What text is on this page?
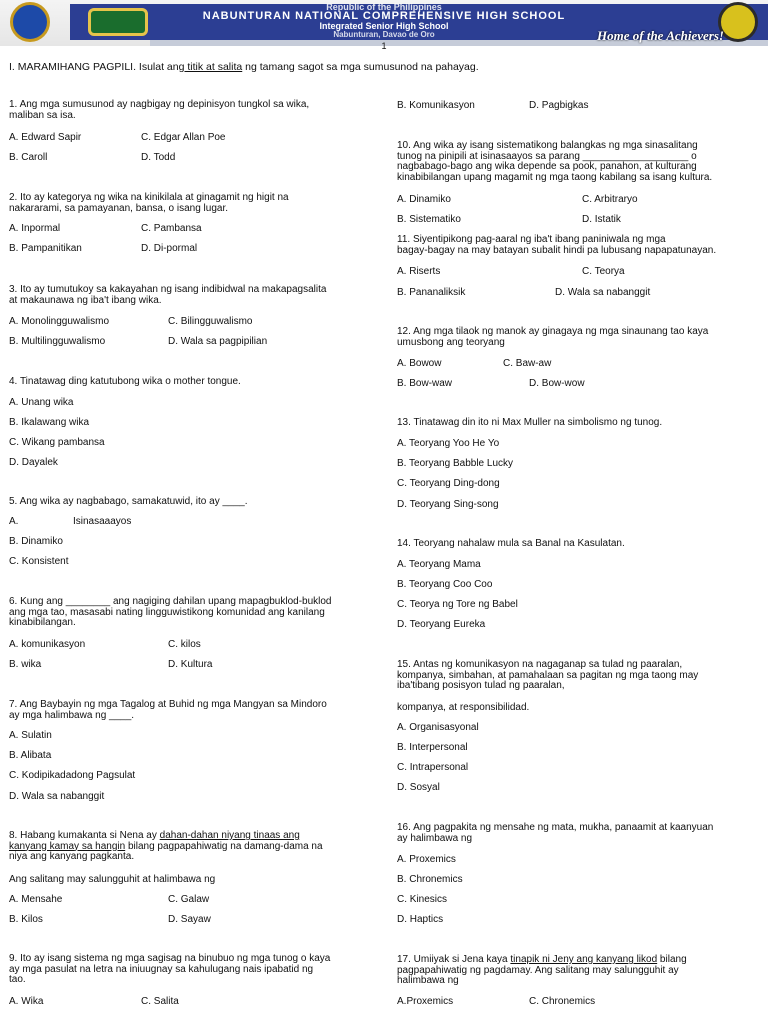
Republic of the Philippines
NABUNTURAN NATIONAL COMPREHENSIVE HIGH SCHOOL
Integrated Senior High School
Nabunturan, Davao de Oro	Home of the Achievers!
1
I. MARAMIHANG PAGPILI. Isulat ang titik at salita ng tamang sagot sa mga sumusunod na pahayag.
1. Ang mga sumusunod ay nagbigay ng depinisyon tungkol sa wika,
maliban sa isa.
A. Edward Sapir	C. Edgar Allan Poe
B. Caroll	D. Todd
2. Ito ay kategorya ng wika na kinikilala at ginagamit ng higit na
nakararami, sa pamayanan, bansa, o isang lugar.
A. Inpormal	C. Pambansa
B. Pampanitikan	D. Di-pormal
3. Ito ay tumutukoy sa kakayahan ng isang indibidwal na makapagsalita
at makaunawa ng iba't ibang wika.
A. Monolingguwalismo	C. Bilingguwalismo
B. Multilingguwalismo	D. Wala sa pagpipilian
4. Tinatawag ding katutubong wika o mother tongue.
A. Unang wika
B. Ikalawang wika
C. Wikang pambansa
D. Dayalek
5. Ang wika ay nagbabago, samakatuwid, ito ay ____.
A.	Isinasaaayos
B. Dinamiko
C. Konsistent
6. Kung ang ________ ang nagiging dahilan upang mapagbuklod-buklod
ang mga tao, masasabi nating lingguwistikong komunidad ang kanilang
kinabibilangan.
A. komunikasyon	C. kilos
B. wika	D. Kultura
7. Ang Baybayin ng mga Tagalog at Buhid ng mga Mangyan sa Mindoro
ay mga halimbawa ng ____.
A. Sulatin
B. Alibata
C. Kodipikadadong Pagsulat
D. Wala sa nabanggit
8. Habang kumakanta si Nena ay dahan-dahan niyang tinaas ang
kanyang kamay sa hangin bilang pagpapahiwatig na damang-dama na
niya ang kanyang pagkanta.
Ang salitang may salungguhit at halimbawa ng
A. Mensahe	C. Galaw
B. Kilos	D. Sayaw
9. Ito ay isang sistema ng mga sagisag na binubuo ng mga tunog o kaya
ay mga pasulat na letra na iniuugnay sa kahulugang nais ipabatid ng
tao.
A. Wika	C. Salita
B. Komunikasyon	D. Pagbigkas
10. Ang wika ay isang sistematikong balangkas ng mga sinasalitang
tunog na pinipili at isinasaayos sa parang ___________________ o
nagbabago-bago ang wika depende sa pook, panahon, at kulturang
kinabibilangan upang magamit ng mga taong kabilang sa isang kultura.
A. Dinamiko	C. Arbitraryo
B. Sistematiko	D. Istatik
11. Siyentipikong pag-aaral ng iba't ibang paniniwala ng mga
bagay-bagay na may batayan subalit hindi pa lubusang napapatunayan.
A. Riserts	C. Teorya
B. Pananaliksik	D. Wala sa nabanggit
12. Ang mga tilaok ng manok ay ginagaya ng mga sinaunang tao kaya
umusbong ang teoryang
A. Bowow	C. Baw-aw
B. Bow-waw	D. Bow-wow
13. Tinatawag din ito ni Max Muller na simbolismo ng tunog.
A. Teoryang Yoo He Yo
B. Teoryang Babble Lucky
C. Teoryang Ding-dong
D. Teoryang Sing-song
14. Teoryang nahalaw mula sa Banal na Kasulatan.
A. Teoryang Mama
B. Teoryang Coo Coo
C. Teorya ng Tore ng Babel
D. Teoryang Eureka
15. Antas ng komunikasyon na nagaganap sa tulad ng paaralan,
kompanya, simbahan, at pamahalaan sa pagitan ng mga taong may
iba'tibang posisyon tulad ng paaralan,
kompanya, at responsibilidad.
A. Organisasyonal
B. Interpersonal
C. Intrapersonal
D. Sosyal
16. Ang pagpakita ng mensahe ng mata, mukha, panaamit at kaanyuan
ay halimbawa ng
A. Proxemics
B. Chronemics
C. Kinesics
D. Haptics
17. Umiiyak si Jena kaya tinapik ni Jeny ang kanyang likod bilang
pagpapahiwatig ng pagdamay. Ang salitang may salungguhit ay
halimbawa ng
A.Proxemics	C. Chronemics
